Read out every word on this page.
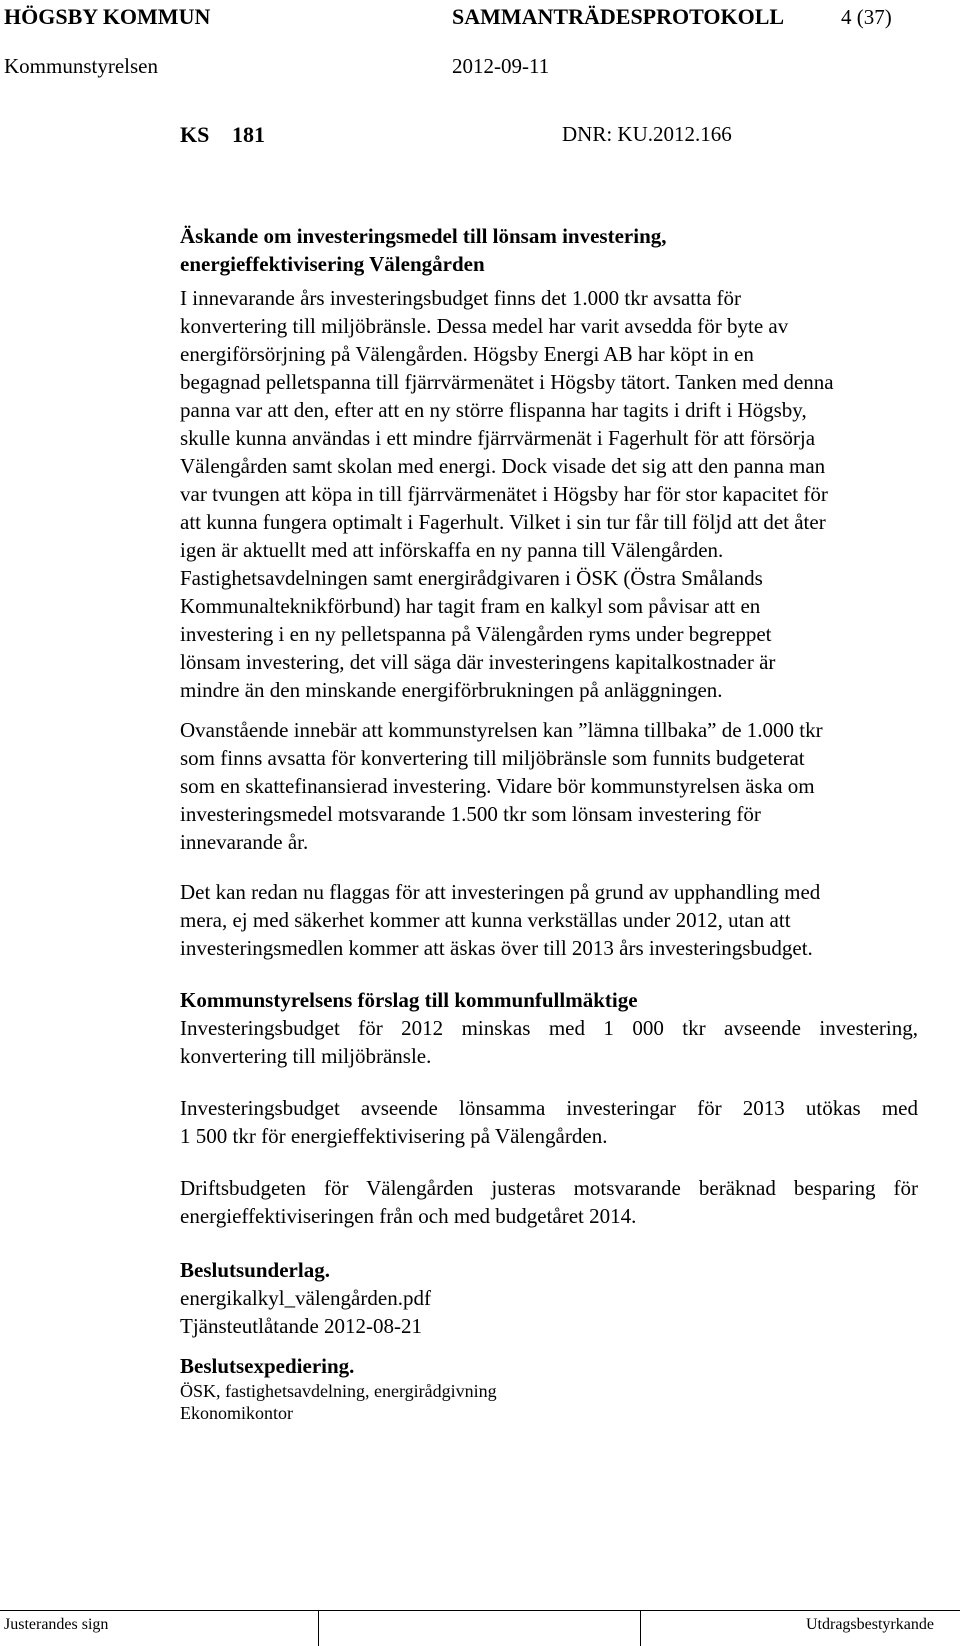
HÖGSBY KOMMUN	SAMMANTRÄDESPROTOKOLL	4 (37)
Kommunstyrelsen	2012-09-11
KS 181	DNR: KU.2012.166
Äskande om investeringsmedel till lönsam investering,
energieffektivisering Välengården
I innevarande års investeringsbudget finns det 1.000 tkr avsatta för
konvertering till miljöbränsle. Dessa medel har varit avsedda för byte av
energiförsörjning på Välengården. Högsby Energi AB har köpt in en
begagnad pelletspanna till fjärrvärmenätet i Högsby tätort. Tanken med denna
panna var att den, efter att en ny större flispanna har tagits i drift i Högsby,
skulle kunna användas i ett mindre fjärrvärmenät i Fagerhult för att försörja
Välengården samt skolan med energi. Dock visade det sig att den panna man
var tvungen att köpa in till fjärrvärmenätet i Högsby har för stor kapacitet för
att kunna fungera optimalt i Fagerhult. Vilket i sin tur får till följd att det åter
igen är aktuellt med att införskaffa en ny panna till Välengården.
Fastighetsavdelningen samt energirådgivaren i ÖSK (Östra Smålands
Kommunalteknikförbund) har tagit fram en kalkyl som påvisar att en
investering i en ny pelletspanna på Välengården ryms under begreppet
lönsam investering, det vill säga där investeringens kapitalkostnader är
mindre än den minskande energiförbrukningen på anläggningen.
Ovanstående innebär att kommunstyrelsen kan ”lämna tillbaka” de 1.000 tkr
som finns avsatta för konvertering till miljöbränsle som funnits budgeterat
som en skattefinansierad investering. Vidare bör kommunstyrelsen äska om
investeringsmedel motsvarande 1.500 tkr som lönsam investering för
innevarande år.
Det kan redan nu flaggas för att investeringen på grund av upphandling med
mera, ej med säkerhet kommer att kunna verkställas under 2012, utan att
investeringsmedlen kommer att äskas över till 2013 års investeringsbudget.
Kommunstyrelsens förslag till kommunfullmäktige
Investeringsbudget för 2012 minskas med 1 000 tkr avseende investering,
konvertering till miljöbränsle.
Investeringsbudget avseende lönsamma investeringar för 2013 utökas med
1 500 tkr för energieffektivisering på Välengården.
Driftsbudgeten för Välengården justeras motsvarande beräknad besparing för
energieffektiviseringen från och med budgetåret 2014.
Beslutsunderlag.
energikalkyl_välengården.pdf
Tjänsteutlåtande 2012-08-21
Beslutsexpediering.
ÖSK, fastighetsavdelning, energirådgivning
Ekonomikontor
Justerandes sign	Utdragsbestyrkande
